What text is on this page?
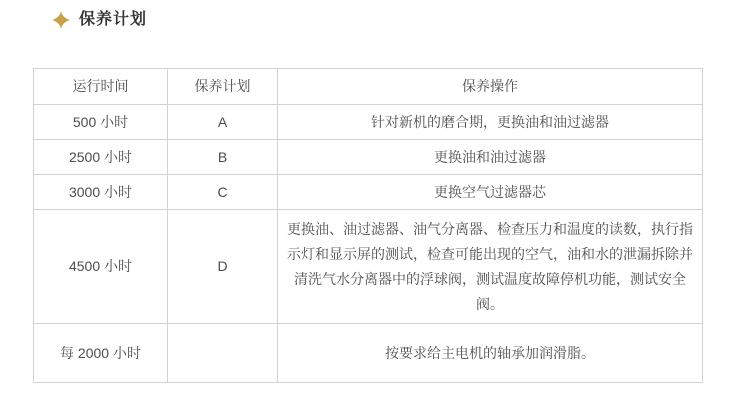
保养计划
运行时间	保养计划	保养操作
500 小时	A	针对新机的磨合期，更换油和油过滤器
2500 小时	B	更换油和油过滤器
3000 小时	C	更换空气过滤器芯
4500 小时	D	更换油、油过滤器、油气分离器、检查压力和温度的读数，执行指示灯和显示屏的测试，检查可能出现的空气，油和水的泄漏拆除并清洗气水分离器中的浮球阀，测试温度故障停机功能，测试安全阀。
每 2000 小时		按要求给主电机的轴承加润滑脂。
